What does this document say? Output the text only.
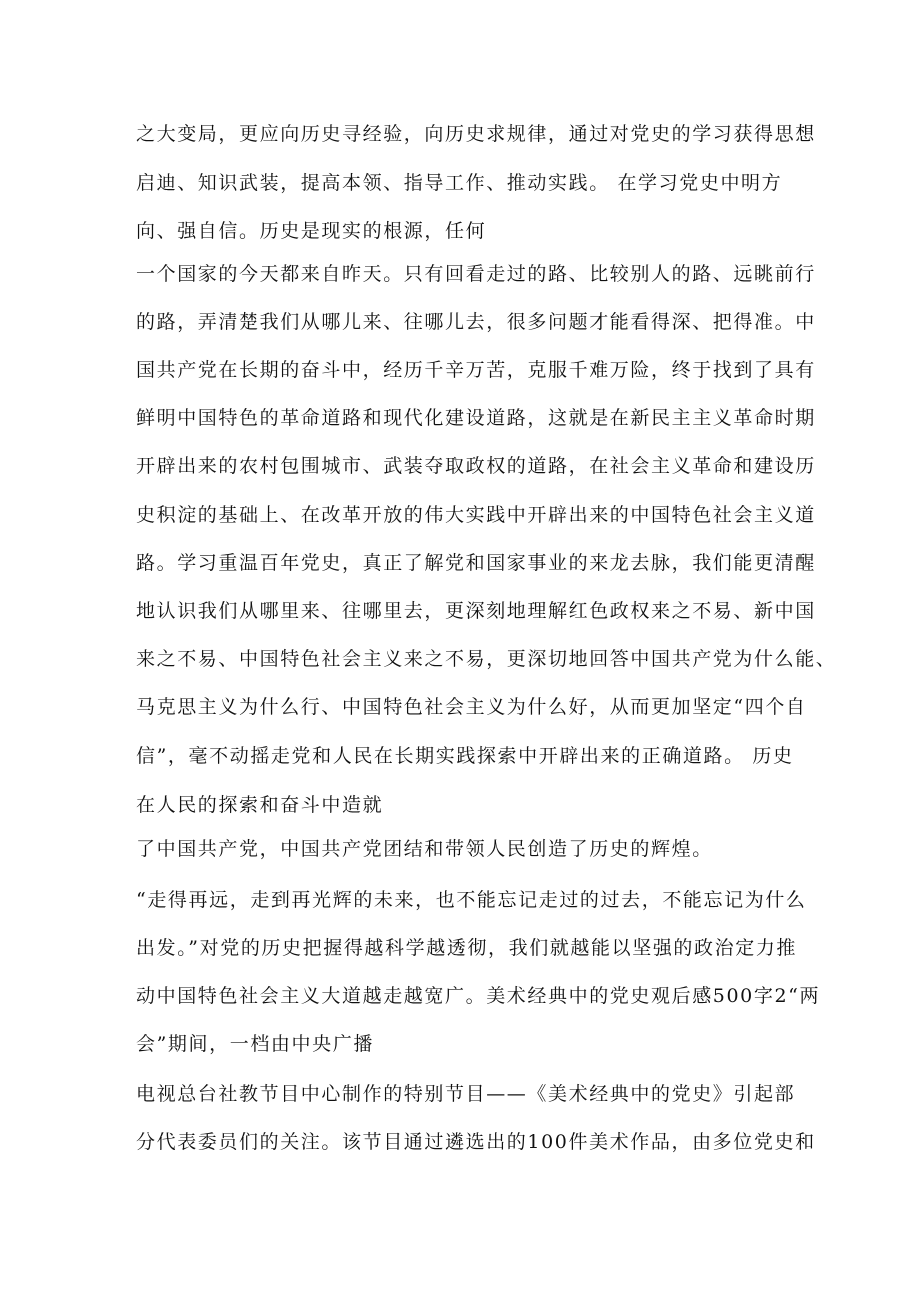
之大变局，更应向历史寻经验，向历史求规律，通过对党史的学习获得思想
启迪、知识武装，提高本领、指导工作、推动实践。 在学习党史中明方
向、强自信。历史是现实的根源，任何
一个国家的今天都来自昨天。只有回看走过的路、比较别人的路、远眺前行
的路，弄清楚我们从哪儿来、往哪儿去，很多问题才能看得深、把得准。中
国共产党在长期的奋斗中，经历千辛万苦，克服千难万险，终于找到了具有
鲜明中国特色的革命道路和现代化建设道路，这就是在新民主主义革命时期
开辟出来的农村包围城市、武装夺取政权的道路，在社会主义革命和建设历
史积淀的基础上、在改革开放的伟大实践中开辟出来的中国特色社会主义道
路。学习重温百年党史，真正了解党和国家事业的来龙去脉，我们能更清醒
地认识我们从哪里来、往哪里去，更深刻地理解红色政权来之不易、新中国
来之不易、中国特色社会主义来之不易，更深切地回答中国共产党为什么能、
马克思主义为什么行、中国特色社会主义为什么好，从而更加坚定“四个自
信”，毫不动摇走党和人民在长期实践探索中开辟出来的正确道路。 历史
在人民的探索和奋斗中造就
了中国共产党，中国共产党团结和带领人民创造了历史的辉煌。
“走得再远，走到再光辉的未来，也不能忘记走过的过去，不能忘记为什么
出发。”对党的历史把握得越科学越透彻，我们就越能以坚强的政治定力推
动中国特色社会主义大道越走越宽广。美术经典中的党史观后感500字2“两
会”期间，一档由中央广播
电视总台社教节目中心制作的特别节目——《美术经典中的党史》引起部
分代表委员们的关注。该节目通过遴选出的100件美术作品，由多位党史和
